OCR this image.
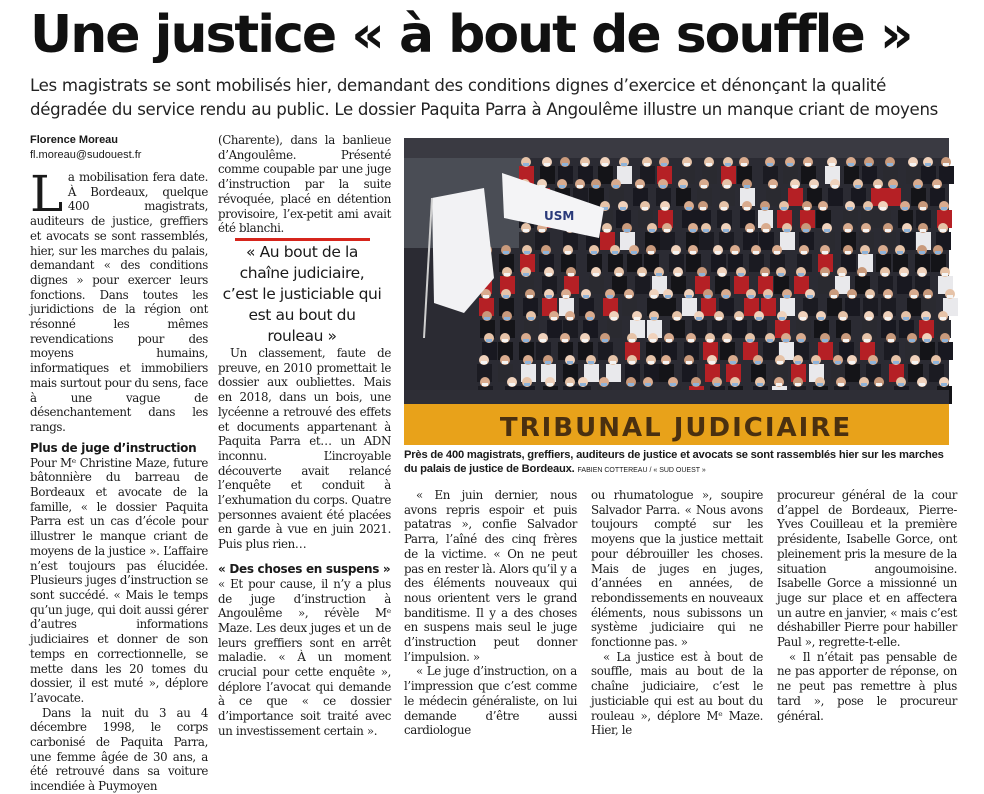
Une justice « à bout de souffle »

Les magistrats se sont mobilisés hier, demandant des conditions dignes d’exercice et dénonçant la qualité dégradée du service rendu au public. Le dossier Paquita Parra à Angoulême illustre un manque criant de moyens

Florence Moreau
fl.moreau@sudouest.fr

La mobilisation fera date. À Bordeaux, quelque 400 magistrats, auditeurs de justice, greffiers et avocats se sont rassemblés, hier, sur les marches du palais, demandant « des conditions dignes » pour exercer leurs fonctions. Dans toutes les juridictions de la région ont résonné les mêmes revendications pour des moyens humains, informatiques et immobiliers mais surtout pour du sens, face à une vague de désenchantement dans les rangs.

Plus de juge d’instruction

Pour Mᵉ Christine Maze, future bâtonnière du barreau de Bordeaux et avocate de la famille, « le dossier Paquita Parra est un cas d’école pour illustrer le manque criant de moyens de la justice ». L’affaire n’est toujours pas élucidée. Plusieurs juges d’instruction se sont succédé. « Mais le temps qu’un juge, qui doit aussi gérer d’autres informations judiciaires et donner de son temps en correctionnelle, se mette dans les 20 tomes du dossier, il est muté », déplore l’avocate.

Dans la nuit du 3 au 4 décembre 1998, le corps carbonisé de Paquita Parra, une femme âgée de 30 ans, a été retrouvé dans sa voiture incendiée à Puymoyen

(Charente), dans la banlieue d’Angoulême. Présenté comme coupable par une juge d’instruction par la suite révoquée, placé en détention provisoire, l’ex-petit ami avait été blanchi.

« Au bout de la chaîne judiciaire, c’est le justiciable qui est au bout du rouleau »

Un classement, faute de preuve, en 2010 promettait le dossier aux oubliettes. Mais en 2018, dans un bois, une lycéenne a retrouvé des effets et documents appartenant à Paquita Parra et… un ADN inconnu. L’incroyable découverte avait relancé l’enquête et conduit à l’exhumation du corps. Quatre personnes avaient été placées en garde à vue en juin 2021. Puis plus rien…

« Des choses en suspens »

« Et pour cause, il n’y a plus de juge d’instruction à Angoulême », révèle Mᵉ Maze. Les deux juges et un de leurs greffiers sont en arrêt maladie. « À un moment crucial pour cette enquête », déplore l’avocat qui demande à ce que « ce dossier d’importance soit traité avec un investissement certain ».

USM
TRIBUNAL JUDICIAIRE
Près de 400 magistrats, greffiers, auditeurs de justice et avocats se sont rassemblés hier sur les marches du palais de justice de Bordeaux. FABIEN COTTEREAU / « SUD OUEST »

« En juin dernier, nous avons repris espoir et puis patatras », confie Salvador Parra, l’aîné des cinq frères de la victime. « On ne peut pas en rester là. Alors qu’il y a des éléments nouveaux qui nous orientent vers le grand banditisme. Il y a des choses en suspens mais seul le juge d’instruction peut donner l’impulsion. »

« Le juge d’instruction, on a l’impression que c’est comme le médecin généraliste, on lui demande d’être aussi cardiologue

ou rhumatologue », soupire Salvador Parra. « Nous avons toujours compté sur les moyens que la justice mettait pour débrouiller les choses. Mais de juges en juges, d’années en années, de rebondissements en nouveaux éléments, nous subissons un système judiciaire qui ne fonctionne pas. »

« La justice est à bout de souffle, mais au bout de la chaîne judiciaire, c’est le justiciable qui est au bout du rouleau », déplore Mᵉ Maze. Hier, le

procureur général de la cour d’appel de Bordeaux, Pierre-Yves Couilleau et la première présidente, Isabelle Gorce, ont pleinement pris la mesure de la situation angoumoisine. Isabelle Gorce a missionné un juge sur place et en affectera un autre en janvier, « mais c’est déshabiller Pierre pour habiller Paul », regrette-t-elle.

« Il n’était pas pensable de ne pas apporter de réponse, on ne peut pas remettre à plus tard », pose le procureur général.
